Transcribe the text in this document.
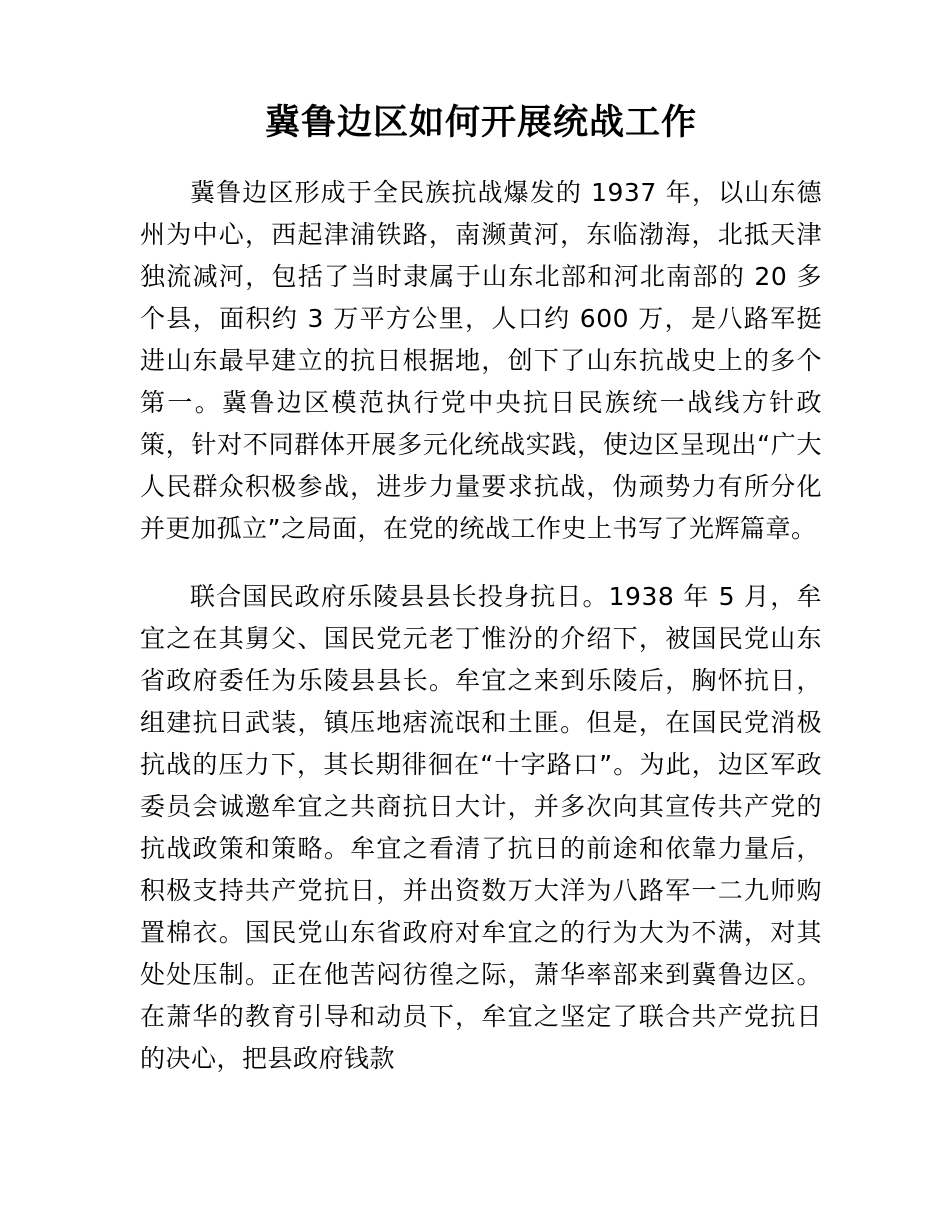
冀鲁边区如何开展统战工作

冀鲁边区形成于全民族抗战爆发的 1937 年，以山东德州为中心，西起津浦铁路，南濒黄河，东临渤海，北抵天津独流减河，包括了当时隶属于山东北部和河北南部的 20 多个县，面积约 3 万平方公里，人口约 600 万，是八路军挺进山东最早建立的抗日根据地，创下了山东抗战史上的多个第一。冀鲁边区模范执行党中央抗日民族统一战线方针政策，针对不同群体开展多元化统战实践，使边区呈现出“广大人民群众积极参战，进步力量要求抗战，伪顽势力有所分化并更加孤立”之局面，在党的统战工作史上书写了光辉篇章。

联合国民政府乐陵县县长投身抗日。1938 年 5 月，牟宜之在其舅父、国民党元老丁惟汾的介绍下，被国民党山东省政府委任为乐陵县县长。牟宜之来到乐陵后，胸怀抗日，组建抗日武装，镇压地痞流氓和土匪。但是，在国民党消极抗战的压力下，其长期徘徊在“十字路口”。为此，边区军政委员会诚邀牟宜之共商抗日大计，并多次向其宣传共产党的抗战政策和策略。牟宜之看清了抗日的前途和依靠力量后，积极支持共产党抗日，并出资数万大洋为八路军一二九师购置棉衣。国民党山东省政府对牟宜之的行为大为不满，对其处处压制。正在他苦闷彷徨之际，萧华率部来到冀鲁边区。在萧华的教育引导和动员下，牟宜之坚定了联合共产党抗日的决心，把县政府钱款
